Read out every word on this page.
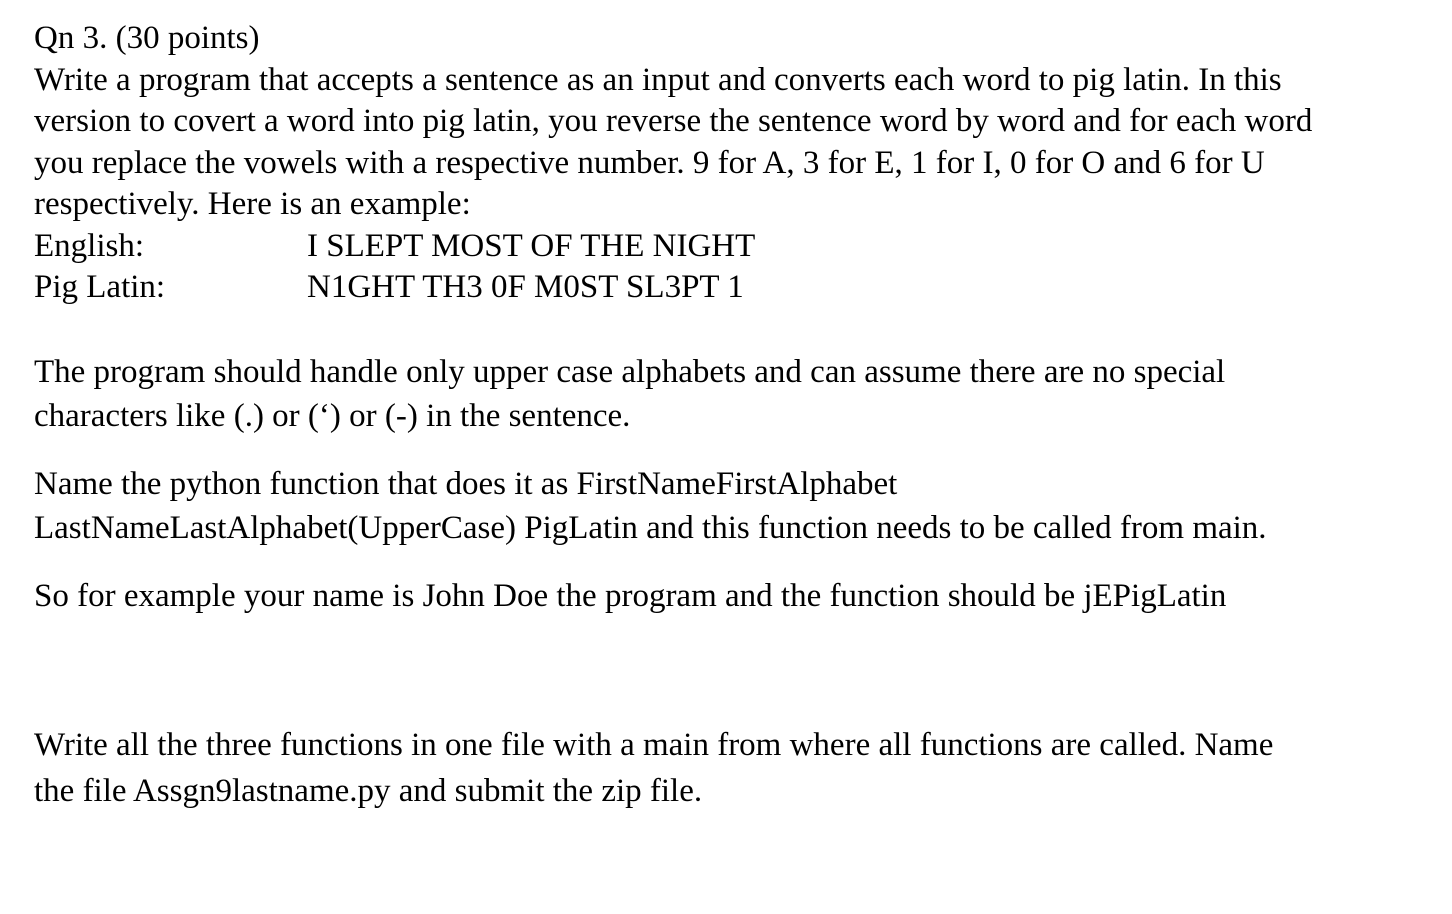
Qn 3. (30 points)

Write a program that accepts a sentence as an input and converts each word to pig latin. In this
version to covert a word into pig latin, you reverse the sentence word by word and for each word
you replace the vowels with a respective number. 9 for A, 3 for E, 1 for I, 0 for O and 6 for U
respectively. Here is an example:

English:	I SLEPT MOST OF THE NIGHT
Pig Latin:	N1GHT TH3 0F M0ST SL3PT 1

The program should handle only upper case alphabets and can assume there are no special
characters like (.) or (‘) or (-) in the sentence.

Name the python function that does it as FirstNameFirstAlphabet
LastNameLastAlphabet(UpperCase) PigLatin and this function needs to be called from main.

So for example your name is John Doe the program and the function should be jEPigLatin

Write all the three functions in one file with a main from where all functions are called. Name
the file Assgn9lastname.py and submit the zip file.
